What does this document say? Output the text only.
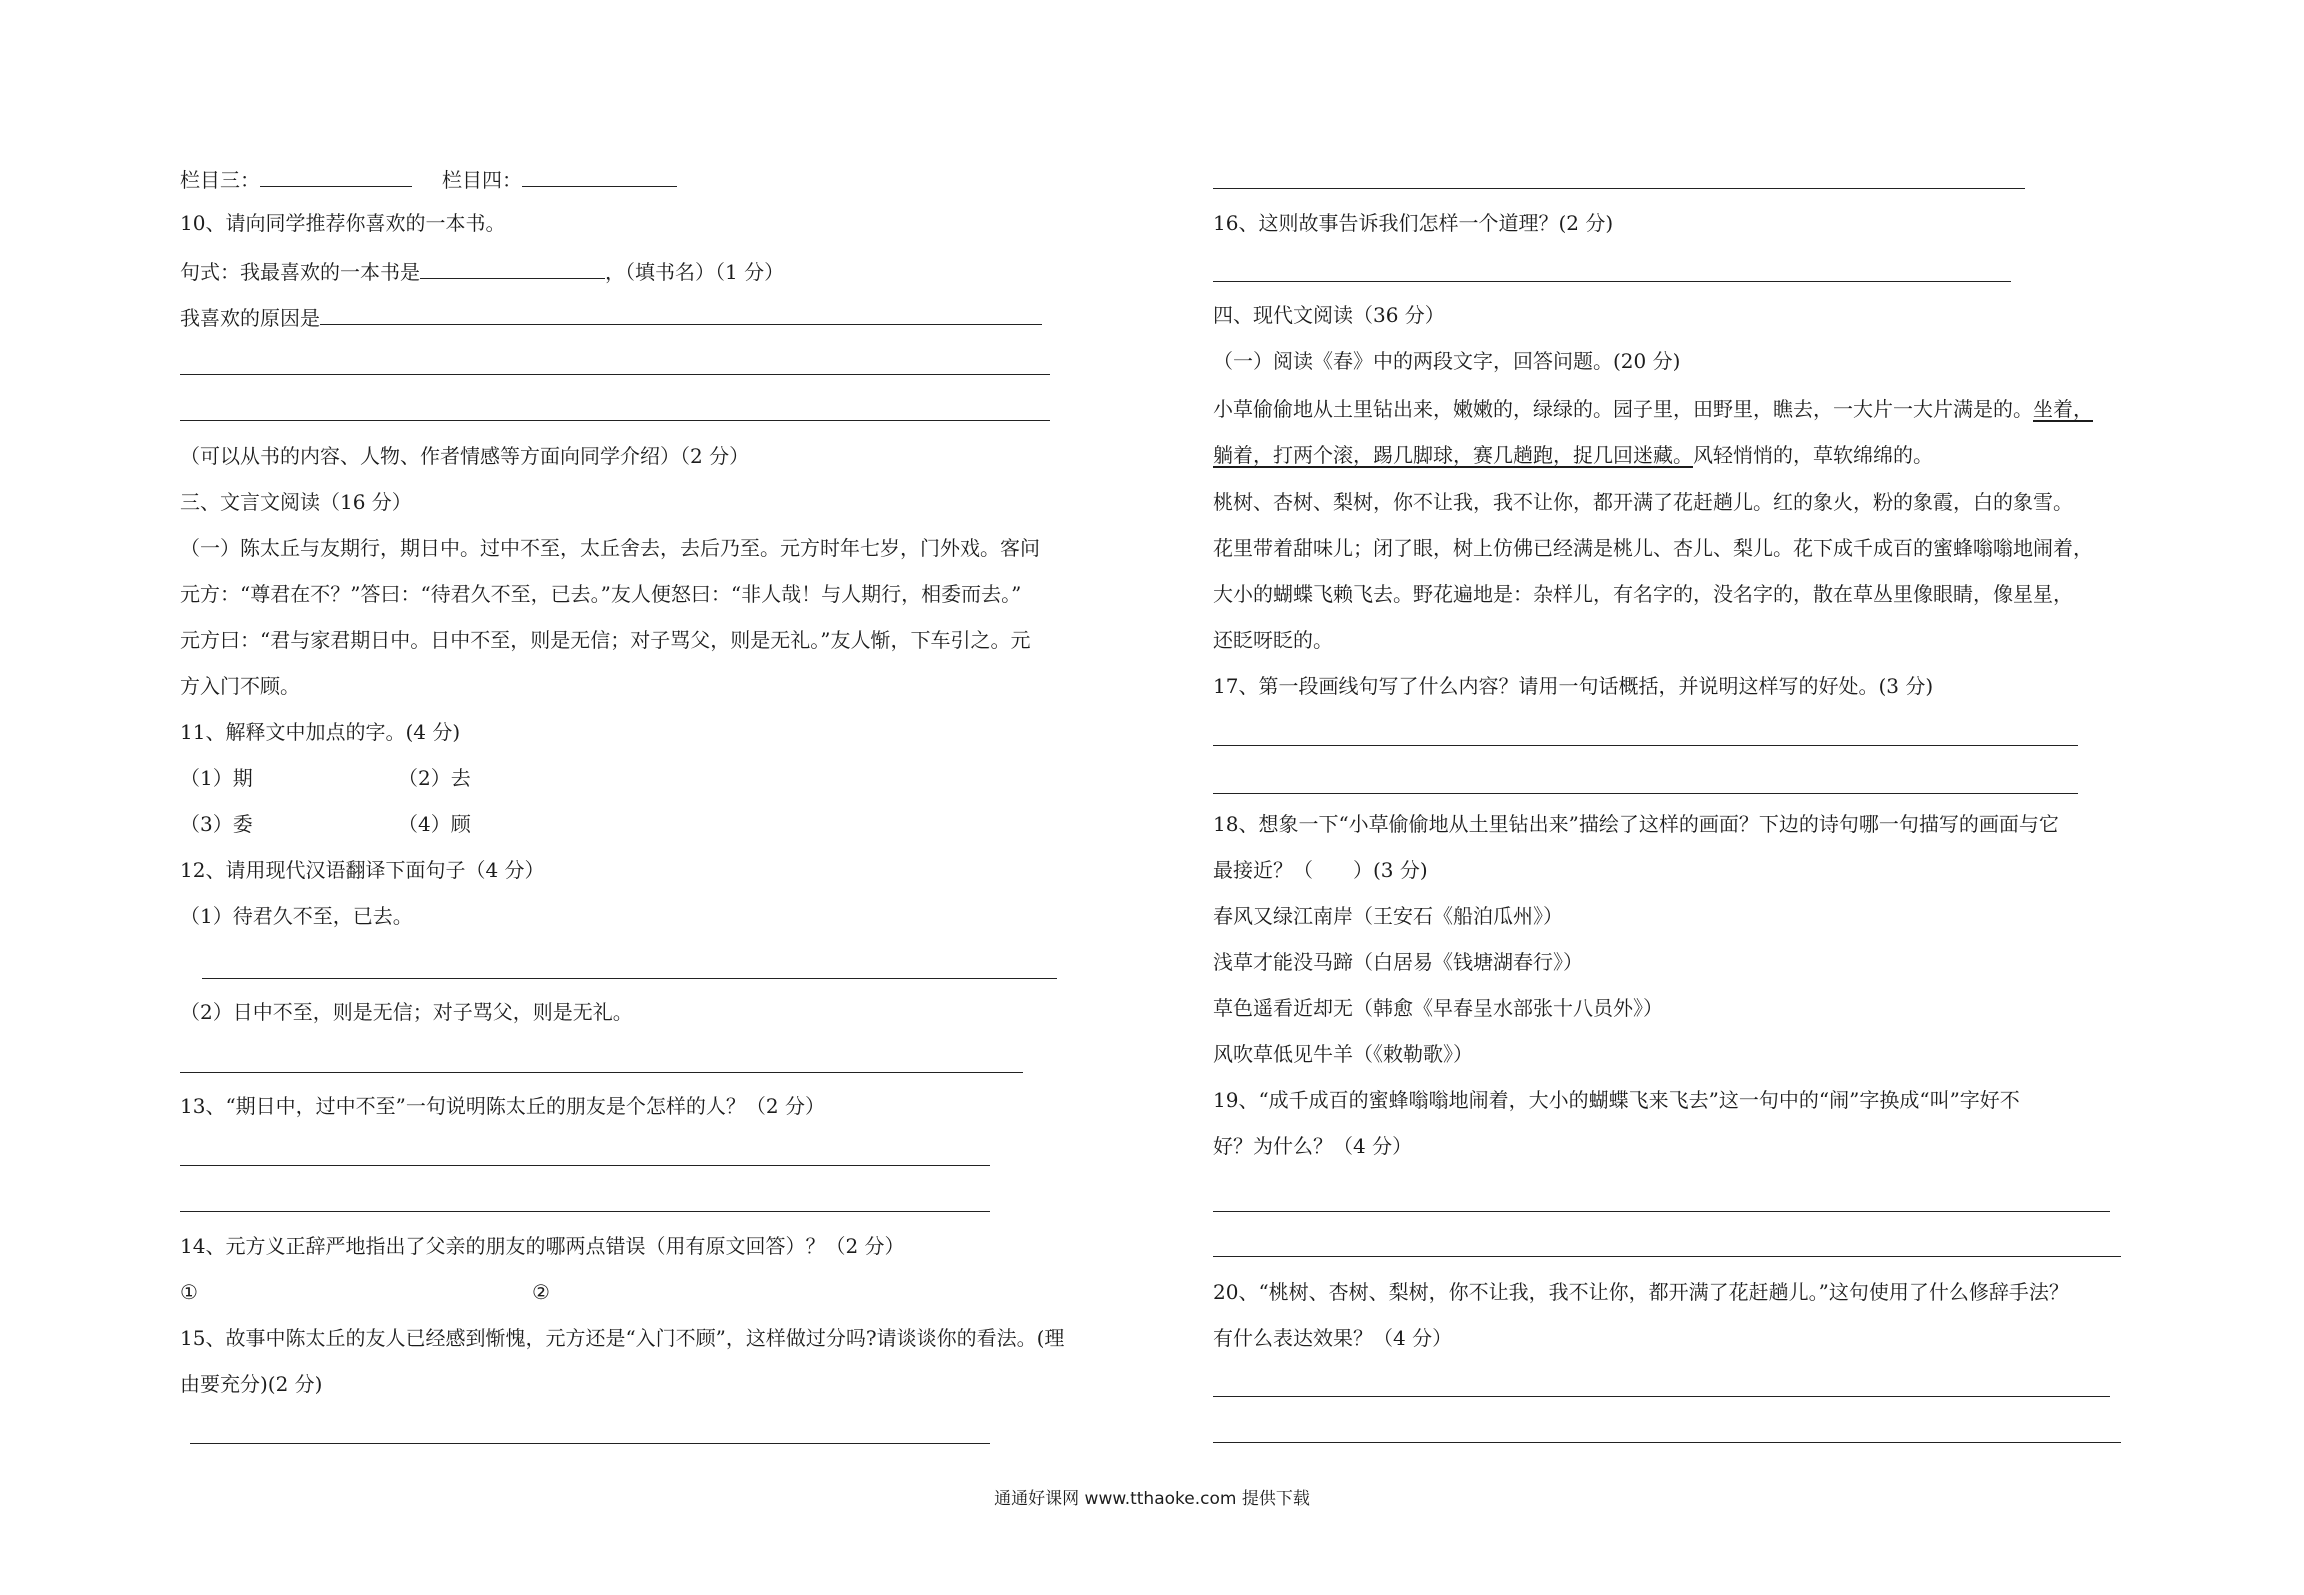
栏目三：	栏目四：
10、请向同学推荐你喜欢的一本书。
句式：我最喜欢的一本书是	，（填书名）（1 分）
我喜欢的原因是
（可以从书的内容、人物、作者情感等方面向同学介绍）（2 分）
三、文言文阅读（16 分）
（一）陈太丘与友期行，期日中。过中不至，太丘舍去，去后乃至。元方时年七岁，门外戏。客问
元方：“尊君在不？”答曰：“待君久不至，已去。”友人便怒曰：“非人哉！与人期行，相委而去。”
元方曰：“君与家君期日中。日中不至，则是无信；对子骂父，则是无礼。”友人惭，下车引之。元
方入门不顾。
11、解释文中加点的字。(4 分)
（1）期	（2）去
（3）委	（4）顾
12、请用现代汉语翻译下面句子（4 分）
（1）待君久不至，已去。
（2）日中不至，则是无信；对子骂父，则是无礼。
13、“期日中，过中不至”一句说明陈太丘的朋友是个怎样的人？（2 分）
14、元方义正辞严地指出了父亲的朋友的哪两点错误（用有原文回答）？（2 分）
①	②
15、故事中陈太丘的友人已经感到惭愧，元方还是“入门不顾”，这样做过分吗?请谈谈你的看法。(理
由要充分)(2 分)
16、这则故事告诉我们怎样一个道理？(2 分)
四、现代文阅读（36 分）
（一）阅读《春》中的两段文字，回答问题。(20 分)
小草偷偷地从土里钻出来，嫩嫩的，绿绿的。园子里，田野里，瞧去，一大片一大片满是的。坐着，
躺着，打两个滚，踢几脚球，赛几趟跑，捉几回迷藏。风轻悄悄的，草软绵绵的。
桃树、杏树、梨树，你不让我，我不让你，都开满了花赶趟儿。红的象火，粉的象霞，白的象雪。
花里带着甜味儿；闭了眼，树上仿佛已经满是桃儿、杏儿、梨儿。花下成千成百的蜜蜂嗡嗡地闹着，
大小的蝴蝶飞赖飞去。野花遍地是：杂样儿，有名字的，没名字的，散在草丛里像眼睛，像星星，
还眨呀眨的。
17、第一段画线句写了什么内容？请用一句话概括，并说明这样写的好处。(3 分)
18、想象一下“小草偷偷地从土里钻出来”描绘了这样的画面？下边的诗句哪一句描写的画面与它
最接近？（　　）(3 分)
春风又绿江南岸（王安石《船泊瓜州》）
浅草才能没马蹄（白居易《钱塘湖春行》）
草色遥看近却无（韩愈《早春呈水部张十八员外》）
风吹草低见牛羊（《敕勒歌》）
19、“成千成百的蜜蜂嗡嗡地闹着，大小的蝴蝶飞来飞去”这一句中的“闹”字换成“叫”字好不
好？为什么？（4 分）
20、“桃树、杏树、梨树，你不让我，我不让你，都开满了花赶趟儿。”这句使用了什么修辞手法？
有什么表达效果？（4 分）
通通好课网 www.tthaoke.com 提供下载
